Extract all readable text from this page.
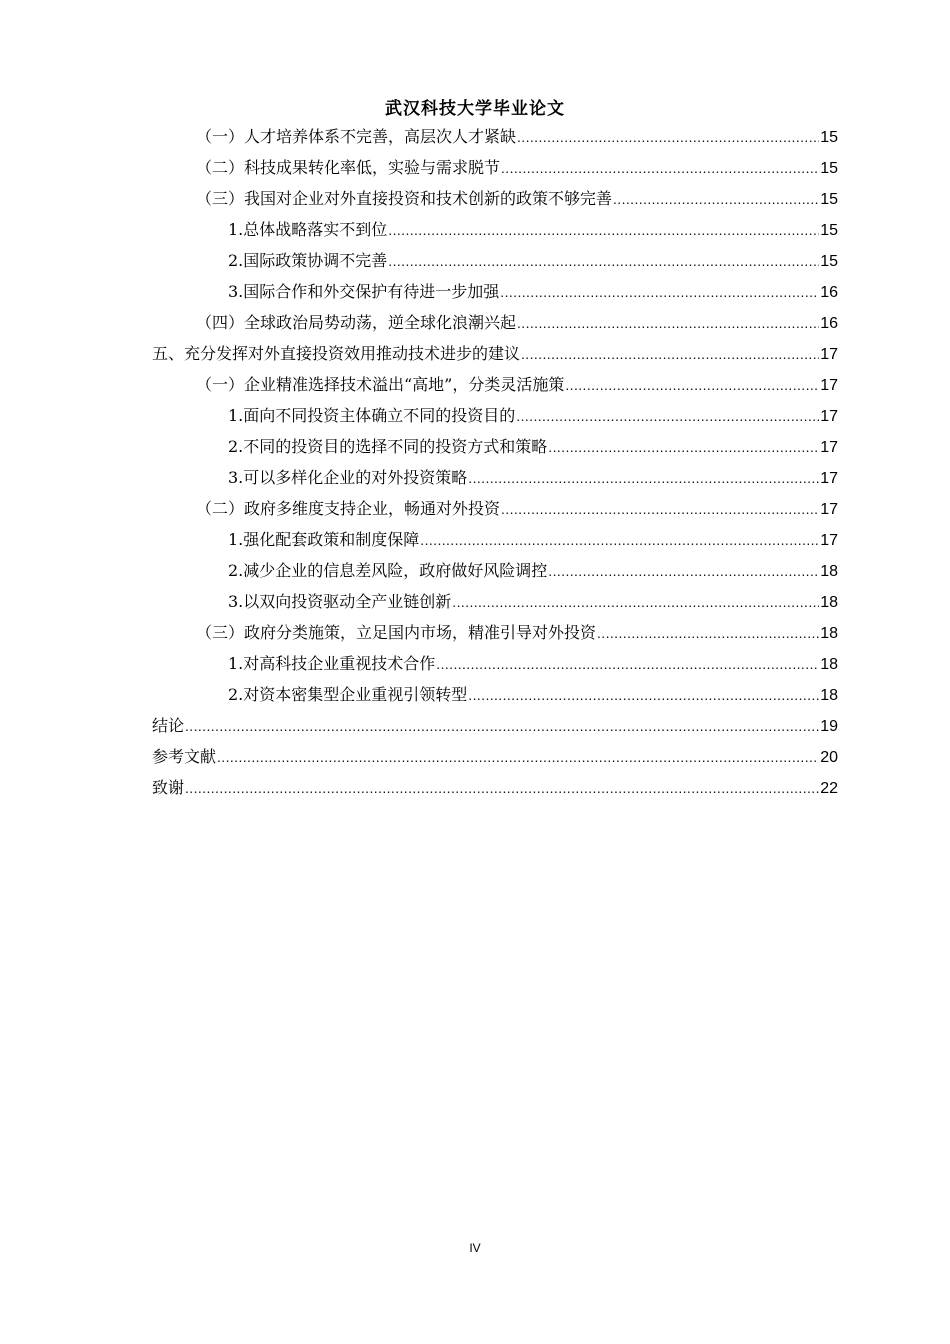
武汉科技大学毕业论文
（一）人才培养体系不完善，高层次人才紧缺 .....	15
（二）科技成果转化率低，实验与需求脱节 .....	15
（三）我国对企业对外直接投资和技术创新的政策不够完善 .....	15
1.总体战略落实不到位 .....	15
2.国际政策协调不完善 .....	15
3.国际合作和外交保护有待进一步加强 .....	16
（四）全球政治局势动荡，逆全球化浪潮兴起 .....	16
五、充分发挥对外直接投资效用推动技术进步的建议 .....	17
（一）企业精准选择技术溢出“高地”，分类灵活施策 .....	17
1.面向不同投资主体确立不同的投资目的 .....	17
2.不同的投资目的选择不同的投资方式和策略 .....	17
3.可以多样化企业的对外投资策略 .....	17
（二）政府多维度支持企业，畅通对外投资 .....	17
1.强化配套政策和制度保障 .....	17
2.减少企业的信息差风险，政府做好风险调控 .....	18
3.以双向投资驱动全产业链创新 .....	18
（三）政府分类施策，立足国内市场，精准引导对外投资 .....	18
1.对高科技企业重视技术合作 .....	18
2.对资本密集型企业重视引领转型 .....	18
结论 .....	19
参考文献 .....	20
致谢 .....	22
IV
